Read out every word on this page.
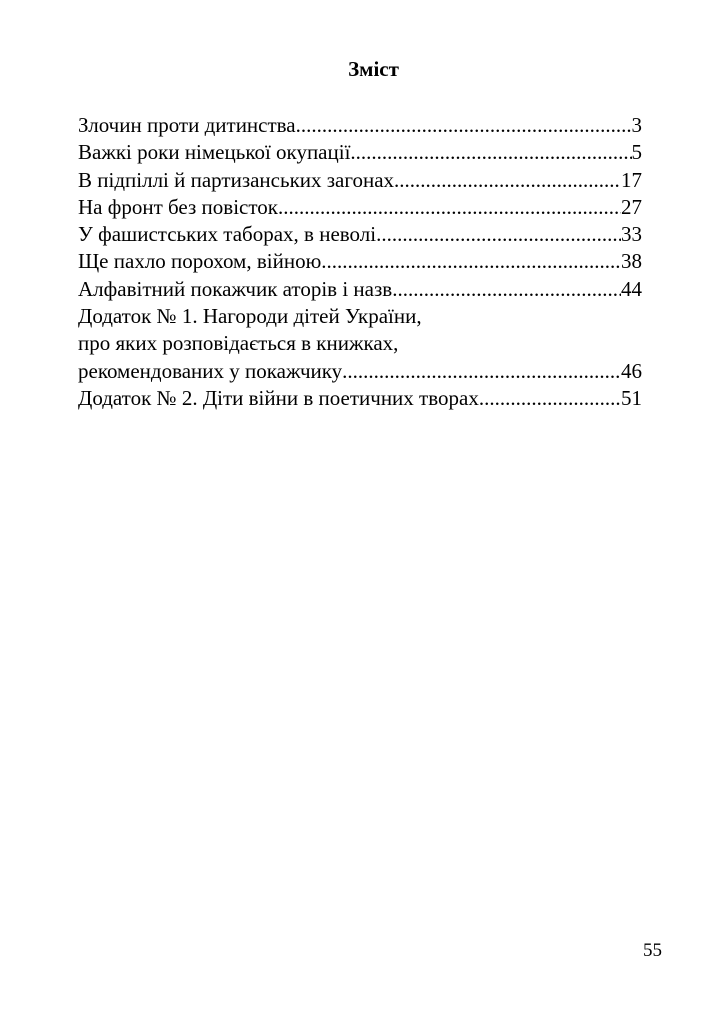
Зміст
Злочин проти дитинства .....	3
Важкі роки німецької окупації .....	5
В підпіллі й партизанських загонах .....	17
На фронт без повісток .....	27
У фашистських таборах, в неволі .....	33
Ще пахло порохом, війною .....	38
Алфавітний покажчик аторів і назв .....	44
Додаток № 1. Нагороди дітей України,
про яких розповідається в книжках,
рекомендованих у покажчику .....	46
Додаток № 2. Діти війни в поетичних творах .....	51
55
